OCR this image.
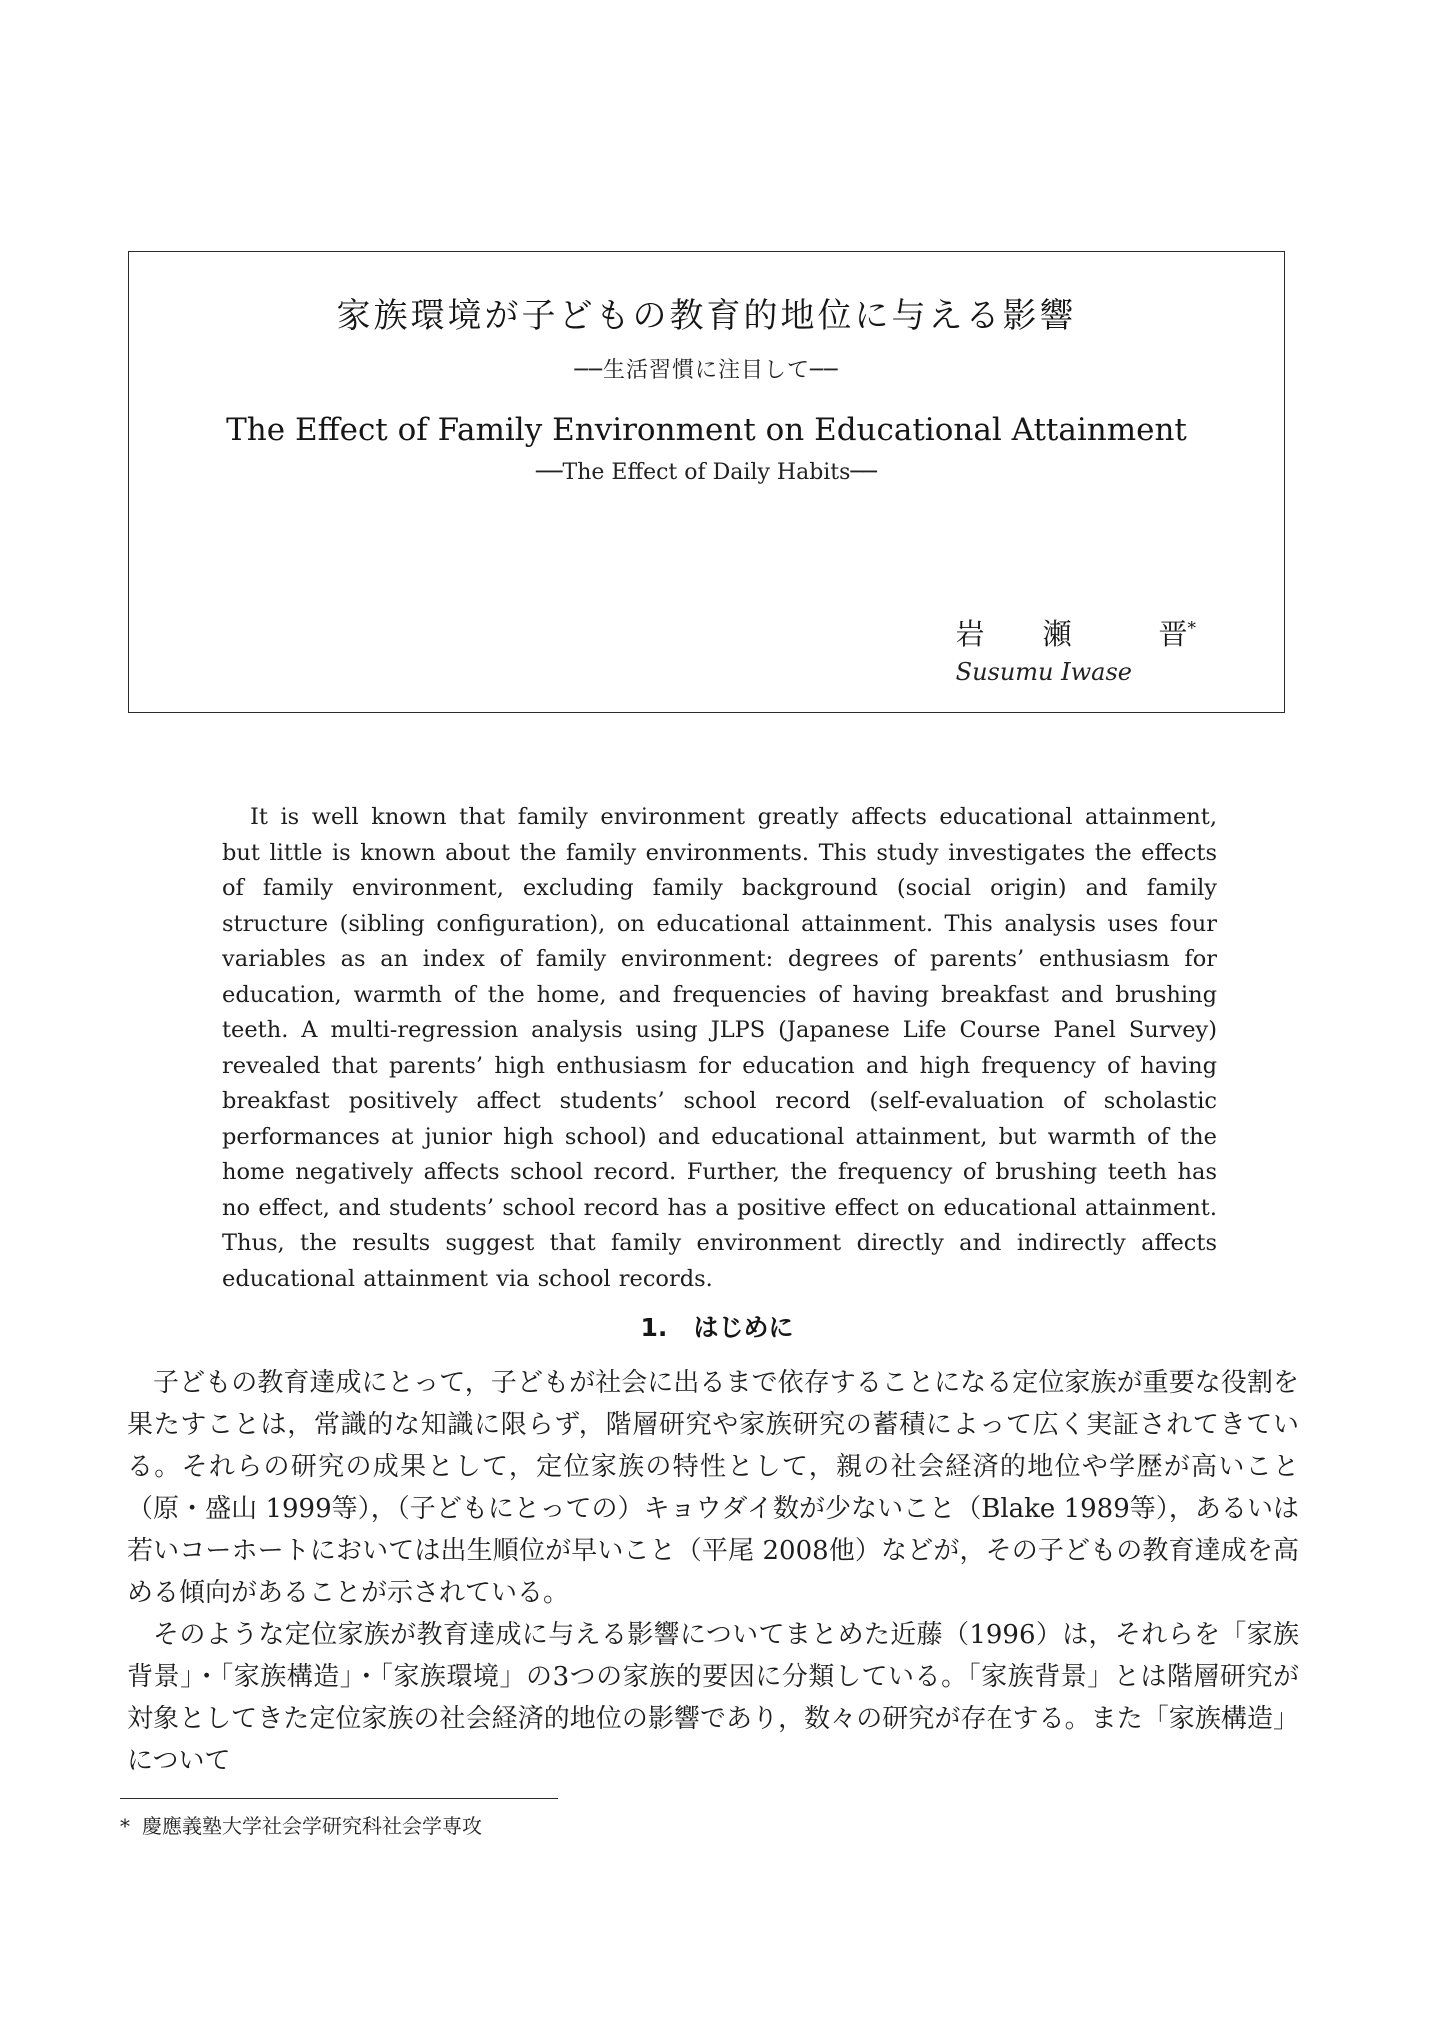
家族環境が子どもの教育的地位に与える影響
──生活習慣に注目して──
The Effect of Family Environment on Educational Attainment
──The Effect of Daily Habits──
岩　　瀬　　　晋*
Susumu Iwase
It is well known that family environment greatly affects educational attainment, but little is known about the family environments. This study investigates the effects of family environment, excluding family background (social origin) and family structure (sibling configuration), on educational attainment. This analysis uses four variables as an index of family environment: degrees of parents’ enthusiasm for education, warmth of the home, and frequencies of having breakfast and brushing teeth. A multi-regression analysis using JLPS (Japanese Life Course Panel Survey) revealed that parents’ high enthusiasm for education and high frequency of having breakfast positively affect students’ school record (self-evaluation of scholastic performances at junior high school) and educational attainment, but warmth of the home negatively affects school record. Further, the frequency of brushing teeth has no effect, and students’ school record has a positive effect on educational attainment. Thus, the results suggest that family environment directly and indirectly affects educational attainment via school records.
1. はじめに

子どもの教育達成にとって，子どもが社会に出るまで依存することになる定位家族が重要な役割を果たすことは，常識的な知識に限らず，階層研究や家族研究の蓄積によって広く実証されてきている。それらの研究の成果として，定位家族の特性として，親の社会経済的地位や学歴が高いこと（原・盛山 1999等），（子どもにとっての）キョウダイ数が少ないこと（Blake 1989等），あるいは若いコーホートにおいては出生順位が早いこと（平尾 2008他）などが，その子どもの教育達成を高める傾向があることが示されている。

そのような定位家族が教育達成に与える影響についてまとめた近藤（1996）は，それらを「家族背景」・「家族構造」・「家族環境」の3つの家族的要因に分類している。「家族背景」とは階層研究が対象としてきた定位家族の社会経済的地位の影響であり，数々の研究が存在する。また「家族構造」について

* 慶應義塾大学社会学研究科社会学専攻
